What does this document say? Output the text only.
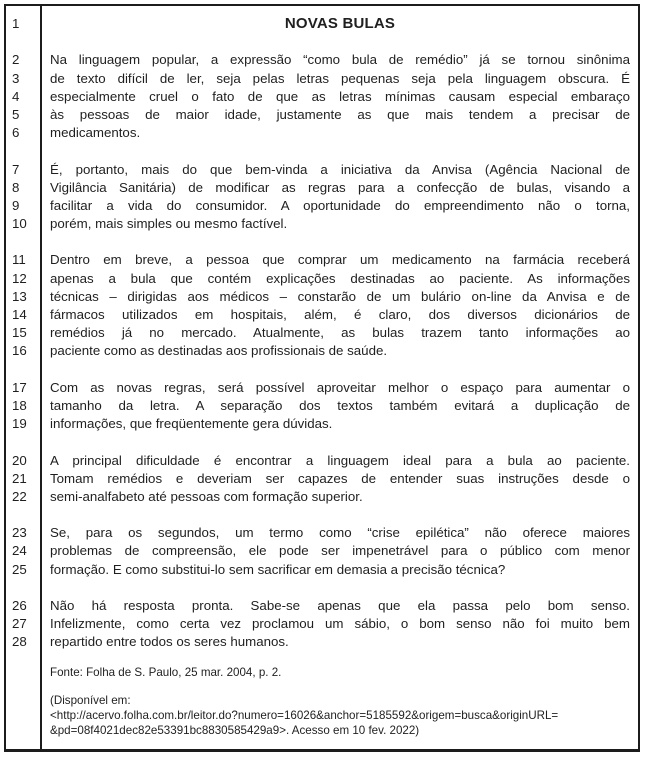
1
2
3
4
5
6
7
8
9
10
11
12
13
14
15
16
17
18
19
20
21
22
23
24
25
26
27
28
NOVAS BULAS
Na linguagem popular, a expressão “como bula de remédio” já se tornou sinônima
de texto difícil de ler, seja pelas letras pequenas seja pela linguagem obscura. É
especialmente cruel o fato de que as letras mínimas causam especial embaraço
às pessoas de maior idade, justamente as que mais tendem a precisar de
medicamentos.
É, portanto, mais do que bem-vinda a iniciativa da Anvisa (Agência Nacional de
Vigilância Sanitária) de modificar as regras para a confecção de bulas, visando a
facilitar a vida do consumidor. A oportunidade do empreendimento não o torna,
porém, mais simples ou mesmo factível.
Dentro em breve, a pessoa que comprar um medicamento na farmácia receberá
apenas a bula que contém explicações destinadas ao paciente. As informações
técnicas – dirigidas aos médicos – constarão de um bulário on-line da Anvisa e de
fármacos utilizados em hospitais, além, é claro, dos diversos dicionários de
remédios já no mercado. Atualmente, as bulas trazem tanto informações ao
paciente como as destinadas aos profissionais de saúde.
Com as novas regras, será possível aproveitar melhor o espaço para aumentar o
tamanho da letra. A separação dos textos também evitará a duplicação de
informações, que freqüentemente gera dúvidas.
A principal dificuldade é encontrar a linguagem ideal para a bula ao paciente.
Tomam remédios e deveriam ser capazes de entender suas instruções desde o
semi-analfabeto até pessoas com formação superior.
Se, para os segundos, um termo como “crise epilética” não oferece maiores
problemas de compreensão, ele pode ser impenetrável para o público com menor
formação. E como substitui-lo sem sacrificar em demasia a precisão técnica?
Não há resposta pronta. Sabe-se apenas que ela passa pelo bom senso.
Infelizmente, como certa vez proclamou um sábio, o bom senso não foi muito bem
repartido entre todos os seres humanos.
Fonte: Folha de S. Paulo, 25 mar. 2004, p. 2.
(Disponível em:
<http://acervo.folha.com.br/leitor.do?numero=16026&anchor=5185592&origem=busca&originURL=
&pd=08f4021dec82e53391bc8830585429a9>. Acesso em 10 fev. 2022)
